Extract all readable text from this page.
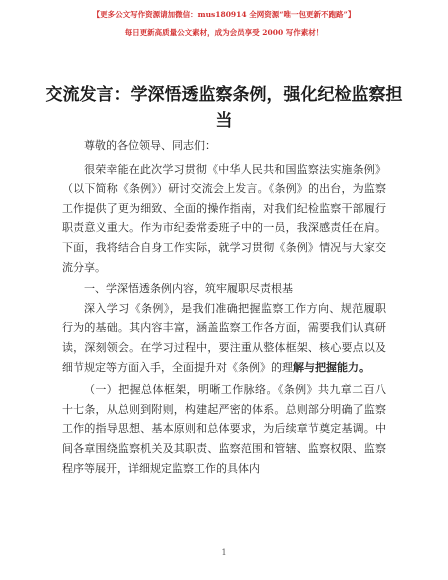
【更多公文写作资源请加微信：mus180914 全网资源“唯一包更新不跑路”】
每日更新高质量公文素材，成为会员享受 2000 写作素材！
交流发言：学深悟透监察条例，强化纪检监察担当

尊敬的各位领导、同志们：

很荣幸能在此次学习贯彻《中华人民共和国监察法实施条例》（以下简称《条例》）研讨交流会上发言。《条例》的出台，为监察工作提供了更为细致、全面的操作指南，对我们纪检监察干部履行职责意义重大。作为市纪委常委班子中的一员，我深感责任在肩。下面，我将结合自身工作实际，就学习贯彻《条例》情况与大家交流分享。

一、学深悟透条例内容，筑牢履职尽责根基

深入学习《条例》，是我们准确把握监察工作方向、规范履职行为的基础。其内容丰富，涵盖监察工作各方面，需要我们认真研读，深刻领会。在学习过程中，要注重从整体框架、核心要点以及细节规定等方面入手，全面提升对《条例》的理解与把握能力。

（一）把握总体框架，明晰工作脉络。《条例》共九章二百八十七条，从总则到附则，构建起严密的体系。总则部分明确了监察工作的指导思想、基本原则和总体要求，为后续章节奠定基调。中间各章围绕监察机关及其职责、监察范围和管辖、监察权限、监察程序等展开，详细规定监察工作的具体内

1
